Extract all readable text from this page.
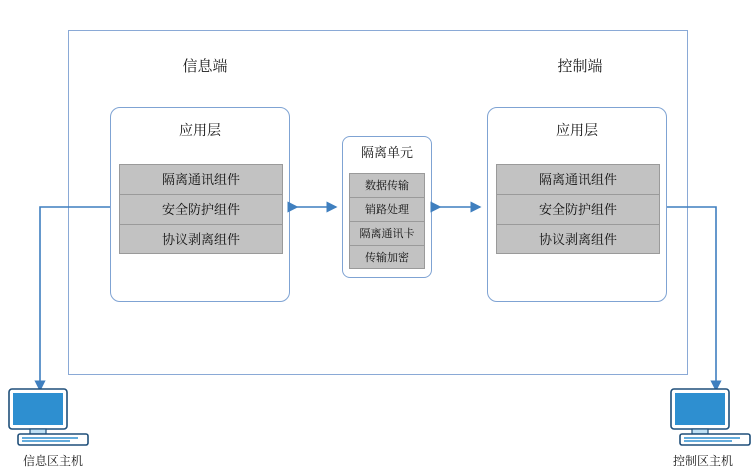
信息端	控制端
应用层
隔离通讯组件
安全防护组件
协议剥离组件
隔离单元
数据传输
销路处理
隔离通讯卡
传输加密
应用层
隔离通讯组件
安全防护组件
协议剥离组件
信息区主机	控制区主机
